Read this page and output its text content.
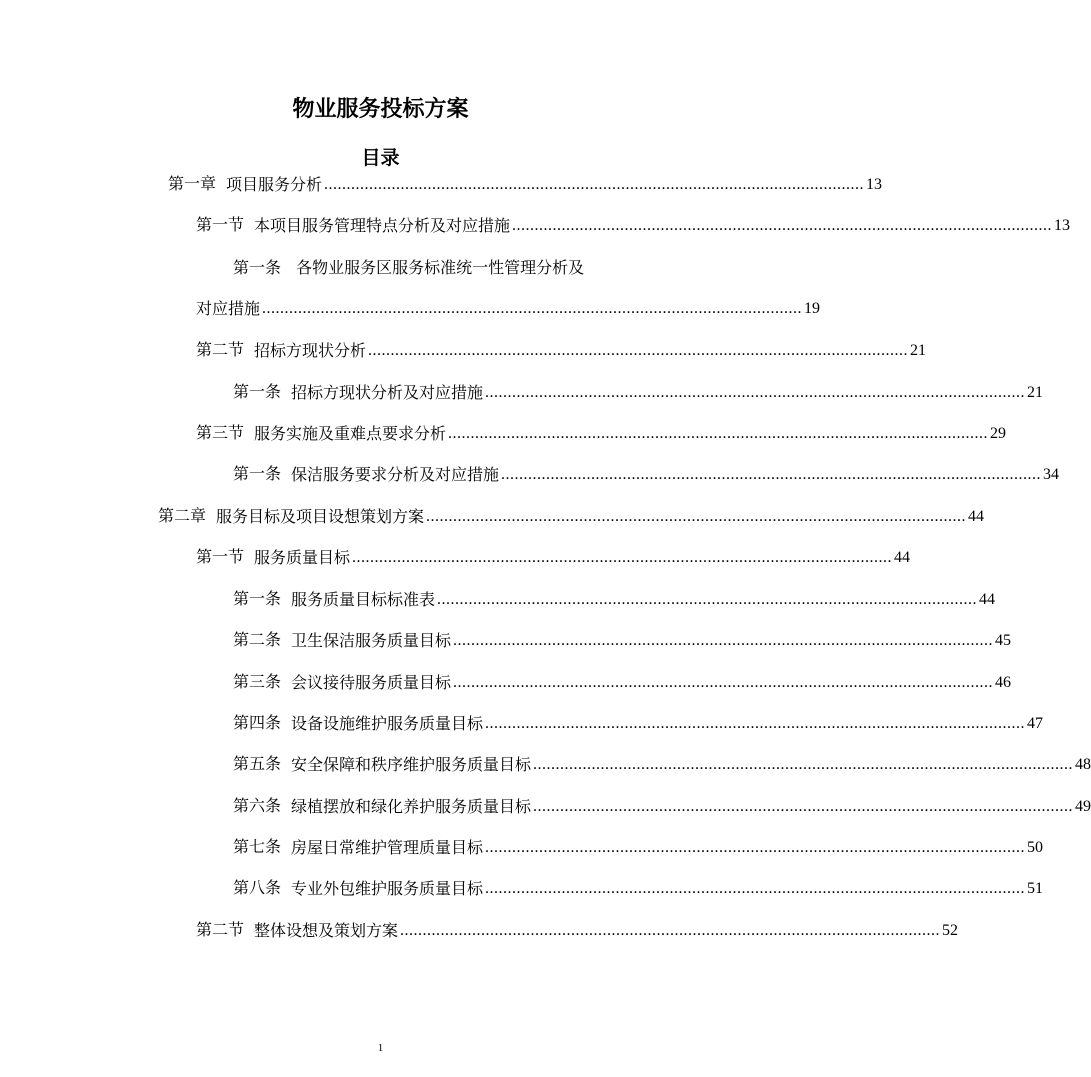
物业服务投标方案
目录
第一章 项目服务分析 ........................................................................................................................ 13
第一节 本项目服务管理特点分析及对应措施 ........................................................................................................................ 13
第一条 各物业服务区服务标准统一性管理分析及
对应措施 ........................................................................................................................ 19
第二节 招标方现状分析 ........................................................................................................................ 21
第一条 招标方现状分析及对应措施 ........................................................................................................................ 21
第三节 服务实施及重难点要求分析 ........................................................................................................................ 29
第一条 保洁服务要求分析及对应措施 ........................................................................................................................ 34
第二章 服务目标及项目设想策划方案 ........................................................................................................................ 44
第一节 服务质量目标 ........................................................................................................................ 44
第一条 服务质量目标标准表 ........................................................................................................................ 44
第二条 卫生保洁服务质量目标 ........................................................................................................................ 45
第三条 会议接待服务质量目标 ........................................................................................................................ 46
第四条 设备设施维护服务质量目标 ........................................................................................................................ 47
第五条 安全保障和秩序维护服务质量目标 ........................................................................................................................ 48
第六条 绿植摆放和绿化养护服务质量目标 ........................................................................................................................ 49
第七条 房屋日常维护管理质量目标 ........................................................................................................................ 50
第八条 专业外包维护服务质量目标 ........................................................................................................................ 51
第二节 整体设想及策划方案 ........................................................................................................................ 52
1
